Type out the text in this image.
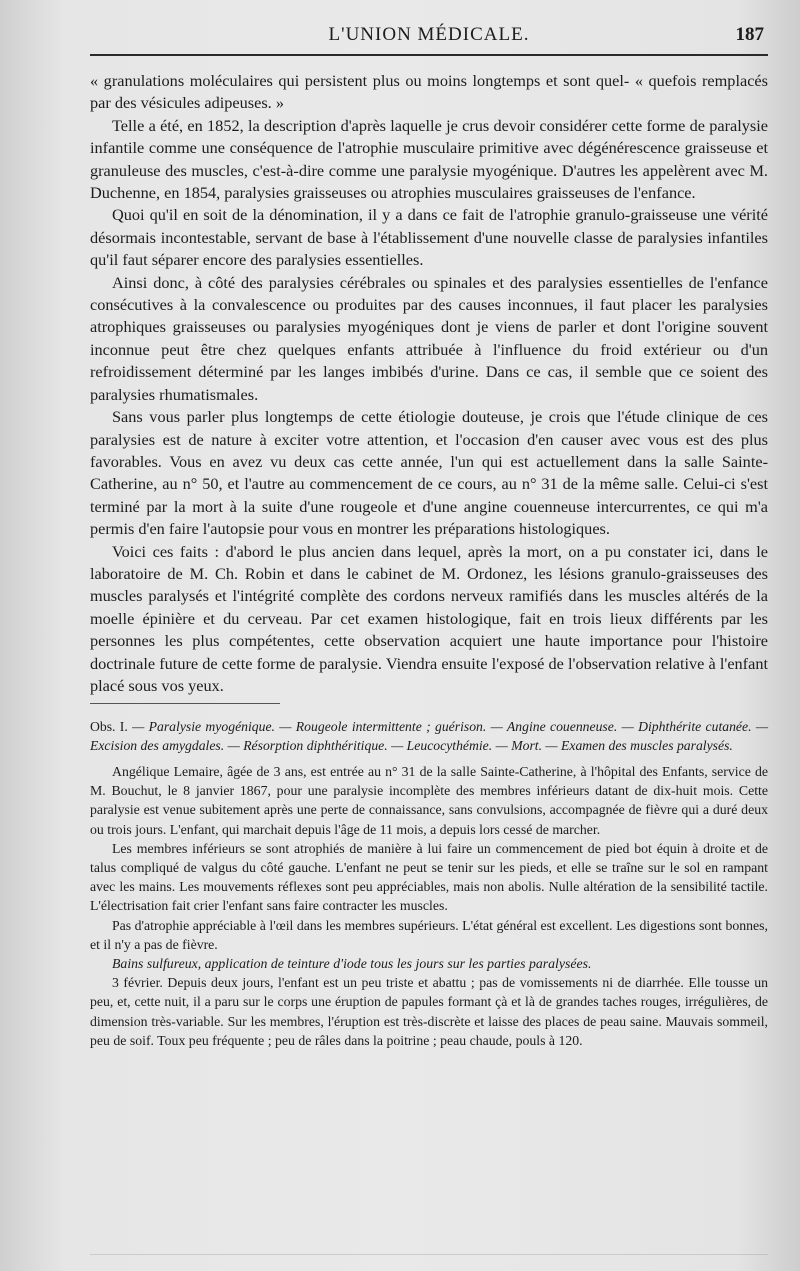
L'UNION MÉDICALE.	187

« granulations moléculaires qui persistent plus ou moins longtemps et sont quel- « quefois remplacés par des vésicules adipeuses. »

Telle a été, en 1852, la description d'après laquelle je crus devoir considérer cette forme de paralysie infantile comme une conséquence de l'atrophie musculaire primitive avec dégénérescence graisseuse et granuleuse des muscles, c'est-à-dire comme une paralysie myogénique. D'autres les appelèrent avec M. Duchenne, en 1854, paralysies graisseuses ou atrophies musculaires graisseuses de l'enfance.

Quoi qu'il en soit de la dénomination, il y a dans ce fait de l'atrophie granulo-graisseuse une vérité désormais incontestable, servant de base à l'établissement d'une nouvelle classe de paralysies infantiles qu'il faut séparer encore des paralysies essentielles.

Ainsi donc, à côté des paralysies cérébrales ou spinales et des paralysies essentielles de l'enfance consécutives à la convalescence ou produites par des causes inconnues, il faut placer les paralysies atrophiques graisseuses ou paralysies myogéniques dont je viens de parler et dont l'origine souvent inconnue peut être chez quelques enfants attribuée à l'influence du froid extérieur ou d'un refroidissement déterminé par les langes imbibés d'urine. Dans ce cas, il semble que ce soient des paralysies rhumatismales.

Sans vous parler plus longtemps de cette étiologie douteuse, je crois que l'étude clinique de ces paralysies est de nature à exciter votre attention, et l'occasion d'en causer avec vous est des plus favorables. Vous en avez vu deux cas cette année, l'un qui est actuellement dans la salle Sainte-Catherine, au n° 50, et l'autre au commencement de ce cours, au n° 31 de la même salle. Celui-ci s'est terminé par la mort à la suite d'une rougeole et d'une angine couenneuse intercurrentes, ce qui m'a permis d'en faire l'autopsie pour vous en montrer les préparations histologiques.

Voici ces faits : d'abord le plus ancien dans lequel, après la mort, on a pu constater ici, dans le laboratoire de M. Ch. Robin et dans le cabinet de M. Ordonez, les lésions granulo-graisseuses des muscles paralysés et l'intégrité complète des cordons nerveux ramifiés dans les muscles altérés de la moelle épinière et du cerveau. Par cet examen histologique, fait en trois lieux différents par les personnes les plus compétentes, cette observation acquiert une haute importance pour l'histoire doctrinale future de cette forme de paralysie. Viendra ensuite l'exposé de l'observation relative à l'enfant placé sous vos yeux.

Obs. I. — Paralysie myogénique. — Rougeole intermittente ; guérison. — Angine couenneuse. — Diphthérite cutanée. — Excision des amygdales. — Résorption diphthéritique. — Leucocythémie. — Mort. — Examen des muscles paralysés.

Angélique Lemaire, âgée de 3 ans, est entrée au n° 31 de la salle Sainte-Catherine, à l'hôpital des Enfants, service de M. Bouchut, le 8 janvier 1867, pour une paralysie incomplète des membres inférieurs datant de dix-huit mois. Cette paralysie est venue subitement après une perte de connaissance, sans convulsions, accompagnée de fièvre qui a duré deux ou trois jours. L'enfant, qui marchait depuis l'âge de 11 mois, a depuis lors cessé de marcher.

Les membres inférieurs se sont atrophiés de manière à lui faire un commencement de pied bot équin à droite et de talus compliqué de valgus du côté gauche. L'enfant ne peut se tenir sur les pieds, et elle se traîne sur le sol en rampant avec les mains. Les mouvements réflexes sont peu appréciables, mais non abolis. Nulle altération de la sensibilité tactile. L'électrisation fait crier l'enfant sans faire contracter les muscles.

Pas d'atrophie appréciable à l'œil dans les membres supérieurs. L'état général est excellent. Les digestions sont bonnes, et il n'y a pas de fièvre.

Bains sulfureux, application de teinture d'iode tous les jours sur les parties paralysées.

3 février. Depuis deux jours, l'enfant est un peu triste et abattu ; pas de vomissements ni de diarrhée. Elle tousse un peu, et, cette nuit, il a paru sur le corps une éruption de papules formant çà et là de grandes taches rouges, irrégulières, de dimension très-variable. Sur les membres, l'éruption est très-discrète et laisse des places de peau saine. Mauvais sommeil, peu de soif. Toux peu fréquente ; peu de râles dans la poitrine ; peau chaude, pouls à 120.
